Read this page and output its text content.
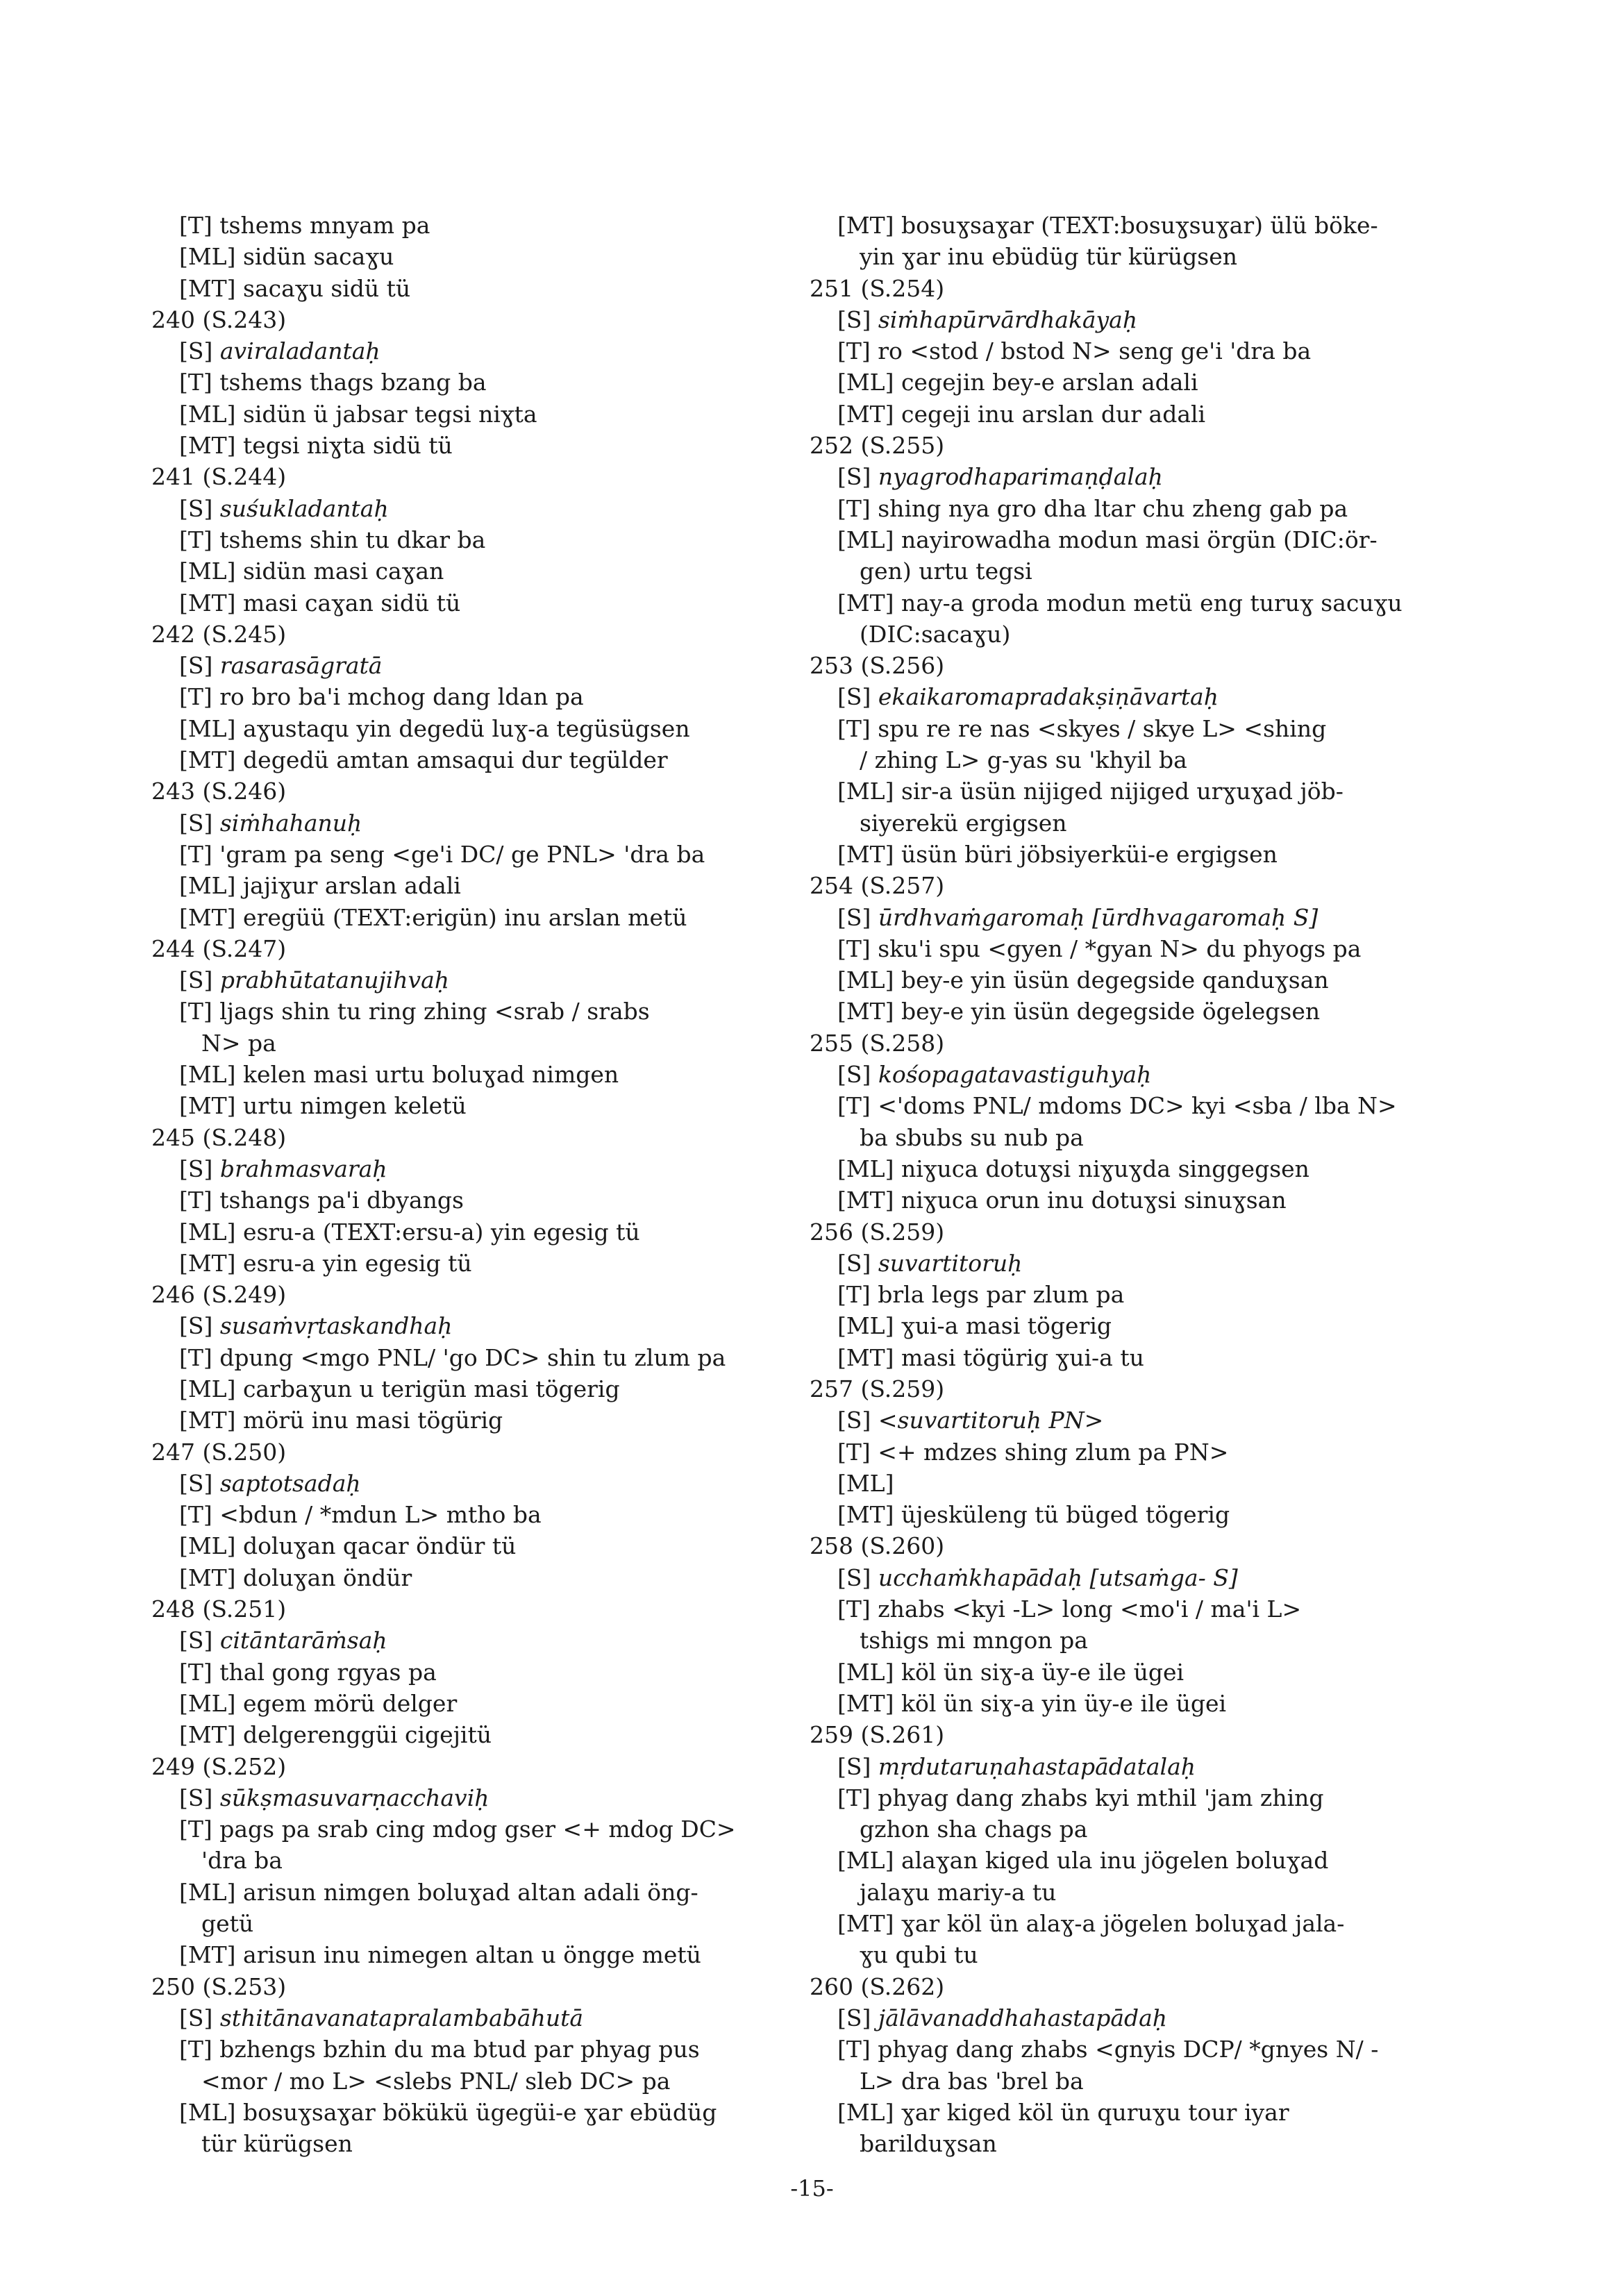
[T] tshems mnyam pa
[ML] sidün sacaɣu
[MT] sacaɣu sidü tü
240 (S.243)
[S] aviraladantaḥ
[T] tshems thags bzang ba
[ML] sidün ü jabsar tegsi niɣta
[MT] tegsi niɣta sidü tü
241 (S.244)
[S] suśukladantaḥ
[T] tshems shin tu dkar ba
[ML] sidün masi caɣan
[MT] masi caɣan sidü tü
242 (S.245)
[S] rasarasāgratā
[T] ro bro ba'i mchog dang ldan pa
[ML] aɣustaqu yin degedü luɣ-a tegüsügsen
[MT] degedü amtan amsaqui dur tegülder
243 (S.246)
[S] siṁhahanuḥ
[T] 'gram pa seng <ge'i DC/ ge PNL> 'dra ba
[ML] jajiɣur arslan adali
[MT] eregüü (TEXT:erigün) inu arslan metü
244 (S.247)
[S] prabhūtatanujihvaḥ
[T] ljags shin tu ring zhing <srab / srabs
N> pa
[ML] kelen masi urtu boluɣad nimgen
[MT] urtu nimgen keletü
245 (S.248)
[S] brahmasvaraḥ
[T] tshangs pa'i dbyangs
[ML] esru-a (TEXT:ersu-a) yin egesig tü
[MT] esru-a yin egesig tü
246 (S.249)
[S] susaṁvṛtaskandhaḥ
[T] dpung <mgo PNL/ 'go DC> shin tu zlum pa
[ML] carbaɣun u terigün masi tögerig
[MT] mörü inu masi tögürig
247 (S.250)
[S] saptotsadaḥ
[T] <bdun / *mdun L> mtho ba
[ML] doluɣan qacar öndür tü
[MT] doluɣan öndür
248 (S.251)
[S] citāntarāṁsaḥ
[T] thal gong rgyas pa
[ML] egem mörü delger
[MT] delgerenggüi cigejitü
249 (S.252)
[S] sūkṣmasuvarṇacchaviḥ
[T] pags pa srab cing mdog gser <+ mdog DC>
'dra ba
[ML] arisun nimgen boluɣad altan adali öng-
getü
[MT] arisun inu nimegen altan u öngge metü
250 (S.253)
[S] sthitānavanatapralambabāhutā
[T] bzhengs bzhin du ma btud par phyag pus
<mor / mo L> <slebs PNL/ sleb DC> pa
[ML] bosuɣsaɣar bökükü ügegüi-e ɣar ebüdüg
tür kürügsen
[MT] bosuɣsaɣar (TEXT:bosuɣsuɣar) ülü böke-
yin ɣar inu ebüdüg tür kürügsen
251 (S.254)
[S] siṁhapūrvārdhakāyaḥ
[T] ro <stod / bstod N> seng ge'i 'dra ba
[ML] cegejin bey-e arslan adali
[MT] cegeji inu arslan dur adali
252 (S.255)
[S] nyagrodhaparimaṇḍalaḥ
[T] shing nya gro dha ltar chu zheng gab pa
[ML] nayirowadha modun masi örgün (DIC:ör-
gen) urtu tegsi
[MT] nay-a groda modun metü eng turuɣ sacuɣu
(DIC:sacaɣu)
253 (S.256)
[S] ekaikaromapradakṣiṇāvartaḥ
[T] spu re re nas <skyes / skye L> <shing
/ zhing L> g-yas su 'khyil ba
[ML] sir-a üsün nijiged nijiged urɣuɣad jöb-
siyerekü ergigsen
[MT] üsün büri jöbsiyerküi-e ergigsen
254 (S.257)
[S] ūrdhvaṁgaromaḥ [ūrdhvagaromaḥ S]
[T] sku'i spu <gyen / *gyan N> du phyogs pa
[ML] bey-e yin üsün degegside qanduɣsan
[MT] bey-e yin üsün degegside ögelegsen
255 (S.258)
[S] kośopagatavastiguhyaḥ
[T] <'doms PNL/ mdoms DC> kyi <sba / lba N>
ba sbubs su nub pa
[ML] niɣuca dotuɣsi niɣuɣda singgegsen
[MT] niɣuca orun inu dotuɣsi sinuɣsan
256 (S.259)
[S] suvartitoruḥ
[T] brla legs par zlum pa
[ML] ɣui-a masi tögerig
[MT] masi tögürig ɣui-a tu
257 (S.259)
[S] <suvartitoruḥ PN>
[T] <+ mdzes shing zlum pa PN>
[ML]
[MT] üjesküleng tü büged tögerig
258 (S.260)
[S] ucchaṁkhapādaḥ [utsaṁga- S]
[T] zhabs <kyi -L> long <mo'i / ma'i L>
tshigs mi mngon pa
[ML] köl ün siɣ-a üy-e ile ügei
[MT] köl ün siɣ-a yin üy-e ile ügei
259 (S.261)
[S] mṛdutaruṇahastapādatalaḥ
[T] phyag dang zhabs kyi mthil 'jam zhing
gzhon sha chags pa
[ML] alaɣan kiged ula inu jögelen boluɣad
jalaɣu mariy-a tu
[MT] ɣar köl ün alaɣ-a jögelen boluɣad jala-
ɣu qubi tu
260 (S.262)
[S] jālāvanaddhahastapādaḥ
[T] phyag dang zhabs <gnyis DCP/ *gnyes N/ -
L> dra bas 'brel ba
[ML] ɣar kiged köl ün quruɣu tour iyar
barilduɣsan
-15-
